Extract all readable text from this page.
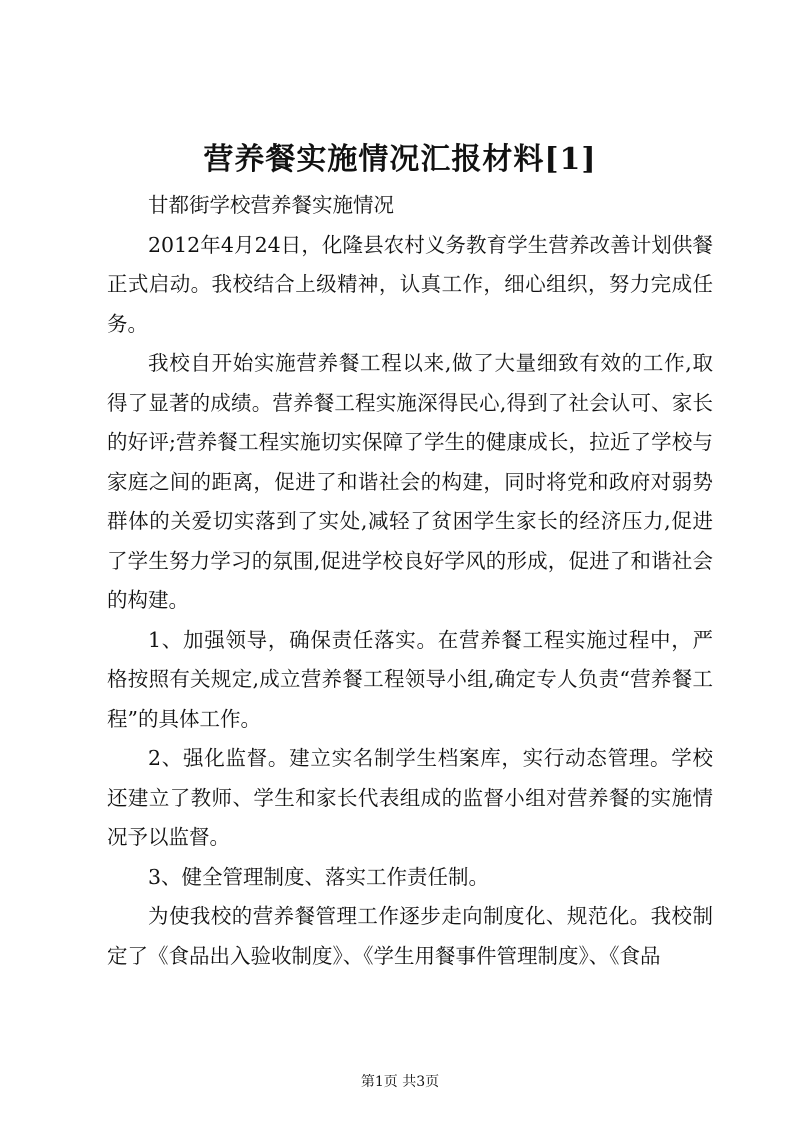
营养餐实施情况汇报材料[1]

甘都街学校营养餐实施情况

2012年4月24日，化隆县农村义务教育学生营养改善计划供餐正式启动。我校结合上级精神，认真工作，细心组织，努力完成任务。

我校自开始实施营养餐工程以来,做了大量细致有效的工作,取得了显著的成绩。营养餐工程实施深得民心,得到了社会认可、家长的好评;营养餐工程实施切实保障了学生的健康成长，拉近了学校与家庭之间的距离，促进了和谐社会的构建，同时将党和政府对弱势群体的关爱切实落到了实处,减轻了贫困学生家长的经济压力,促进了学生努力学习的氛围,促进学校良好学风的形成，促进了和谐社会的构建。

1、加强领导，确保责任落实。在营养餐工程实施过程中，严格按照有关规定,成立营养餐工程领导小组,确定专人负责“营养餐工程”的具体工作。

2、强化监督。建立实名制学生档案库，实行动态管理。学校还建立了教师、学生和家长代表组成的监督小组对营养餐的实施情况予以监督。

3、健全管理制度、落实工作责任制。

为使我校的营养餐管理工作逐步走向制度化、规范化。我校制定了《食品出入验收制度》、《学生用餐事件管理制度》、《食品

第1页 共3页
